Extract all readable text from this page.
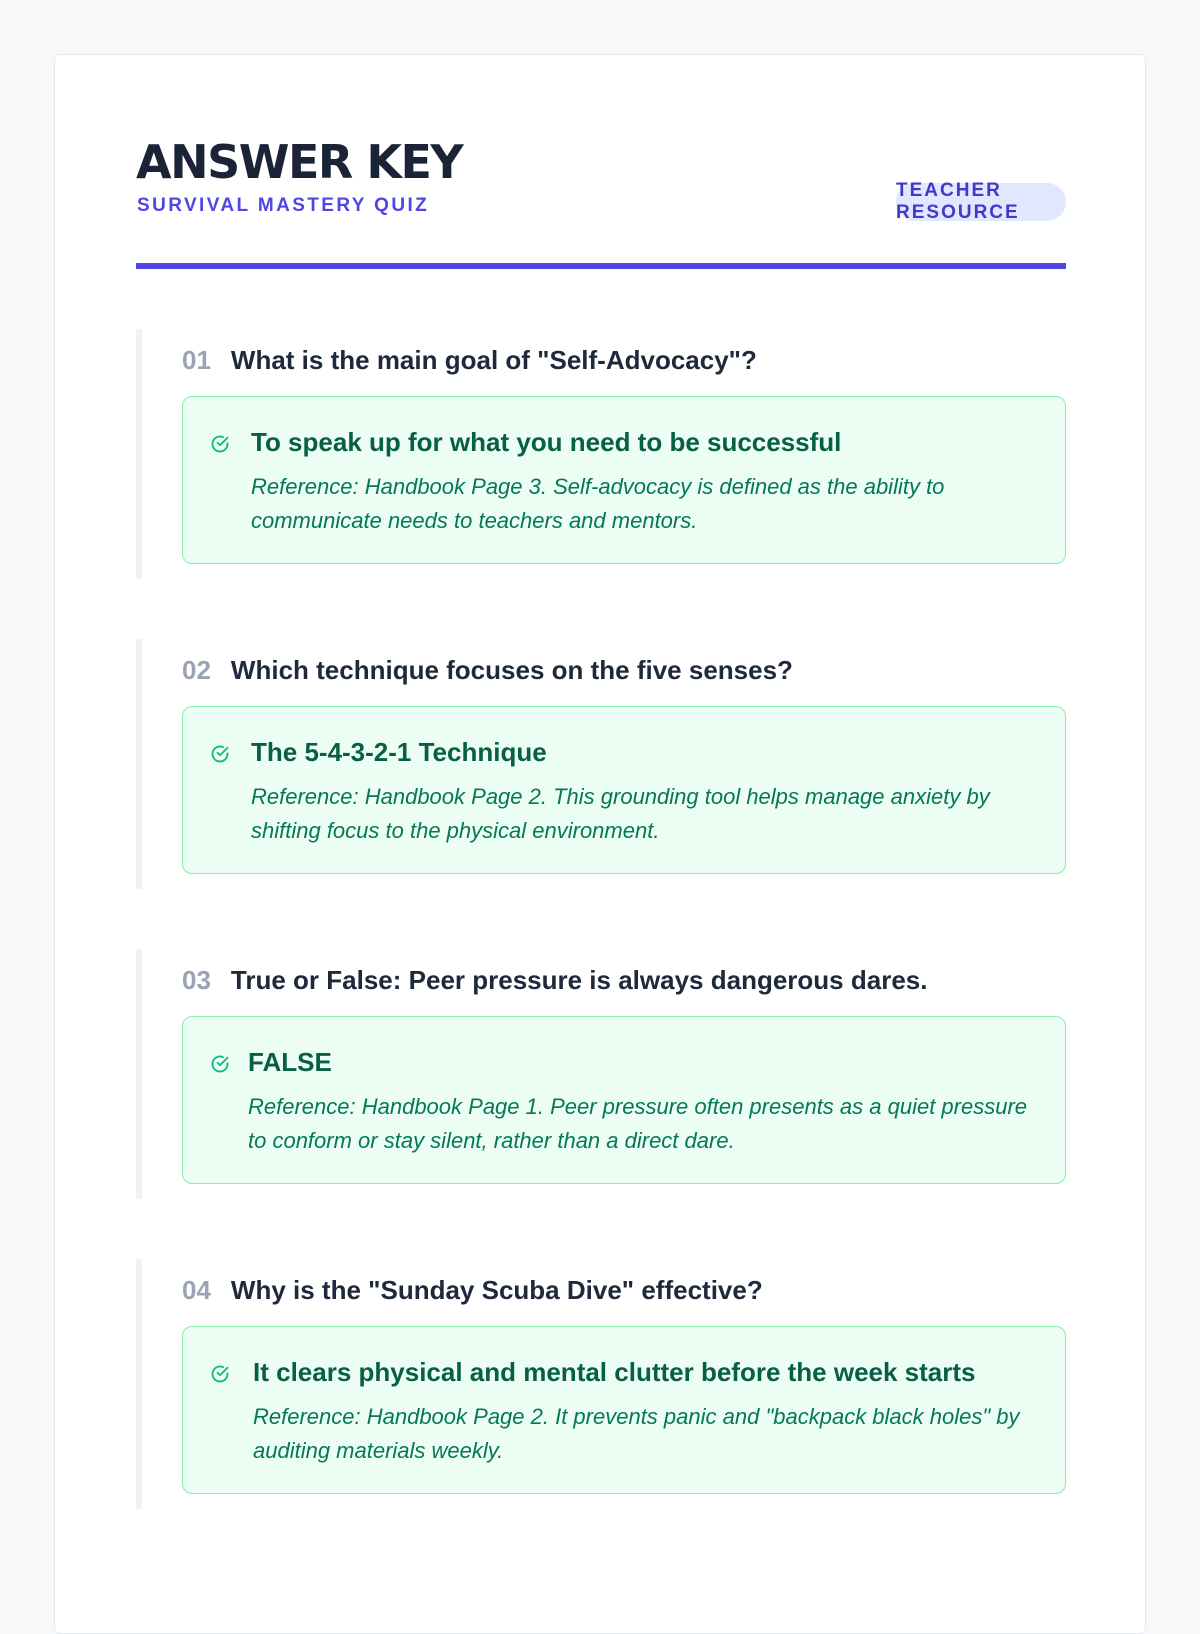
ANSWER KEY
SURVIVAL MASTERY QUIZ
TEACHER RESOURCE
01 What is the main goal of "Self-Advocacy"?
To speak up for what you need to be successful
Reference: Handbook Page 3. Self-advocacy is defined as the ability to communicate needs to teachers and mentors.
02 Which technique focuses on the five senses?
The 5-4-3-2-1 Technique
Reference: Handbook Page 2. This grounding tool helps manage anxiety by shifting focus to the physical environment.
03 True or False: Peer pressure is always dangerous dares.
FALSE
Reference: Handbook Page 1. Peer pressure often presents as a quiet pressure to conform or stay silent, rather than a direct dare.
04 Why is the "Sunday Scuba Dive" effective?
It clears physical and mental clutter before the week starts
Reference: Handbook Page 2. It prevents panic and "backpack black holes" by auditing materials weekly.
